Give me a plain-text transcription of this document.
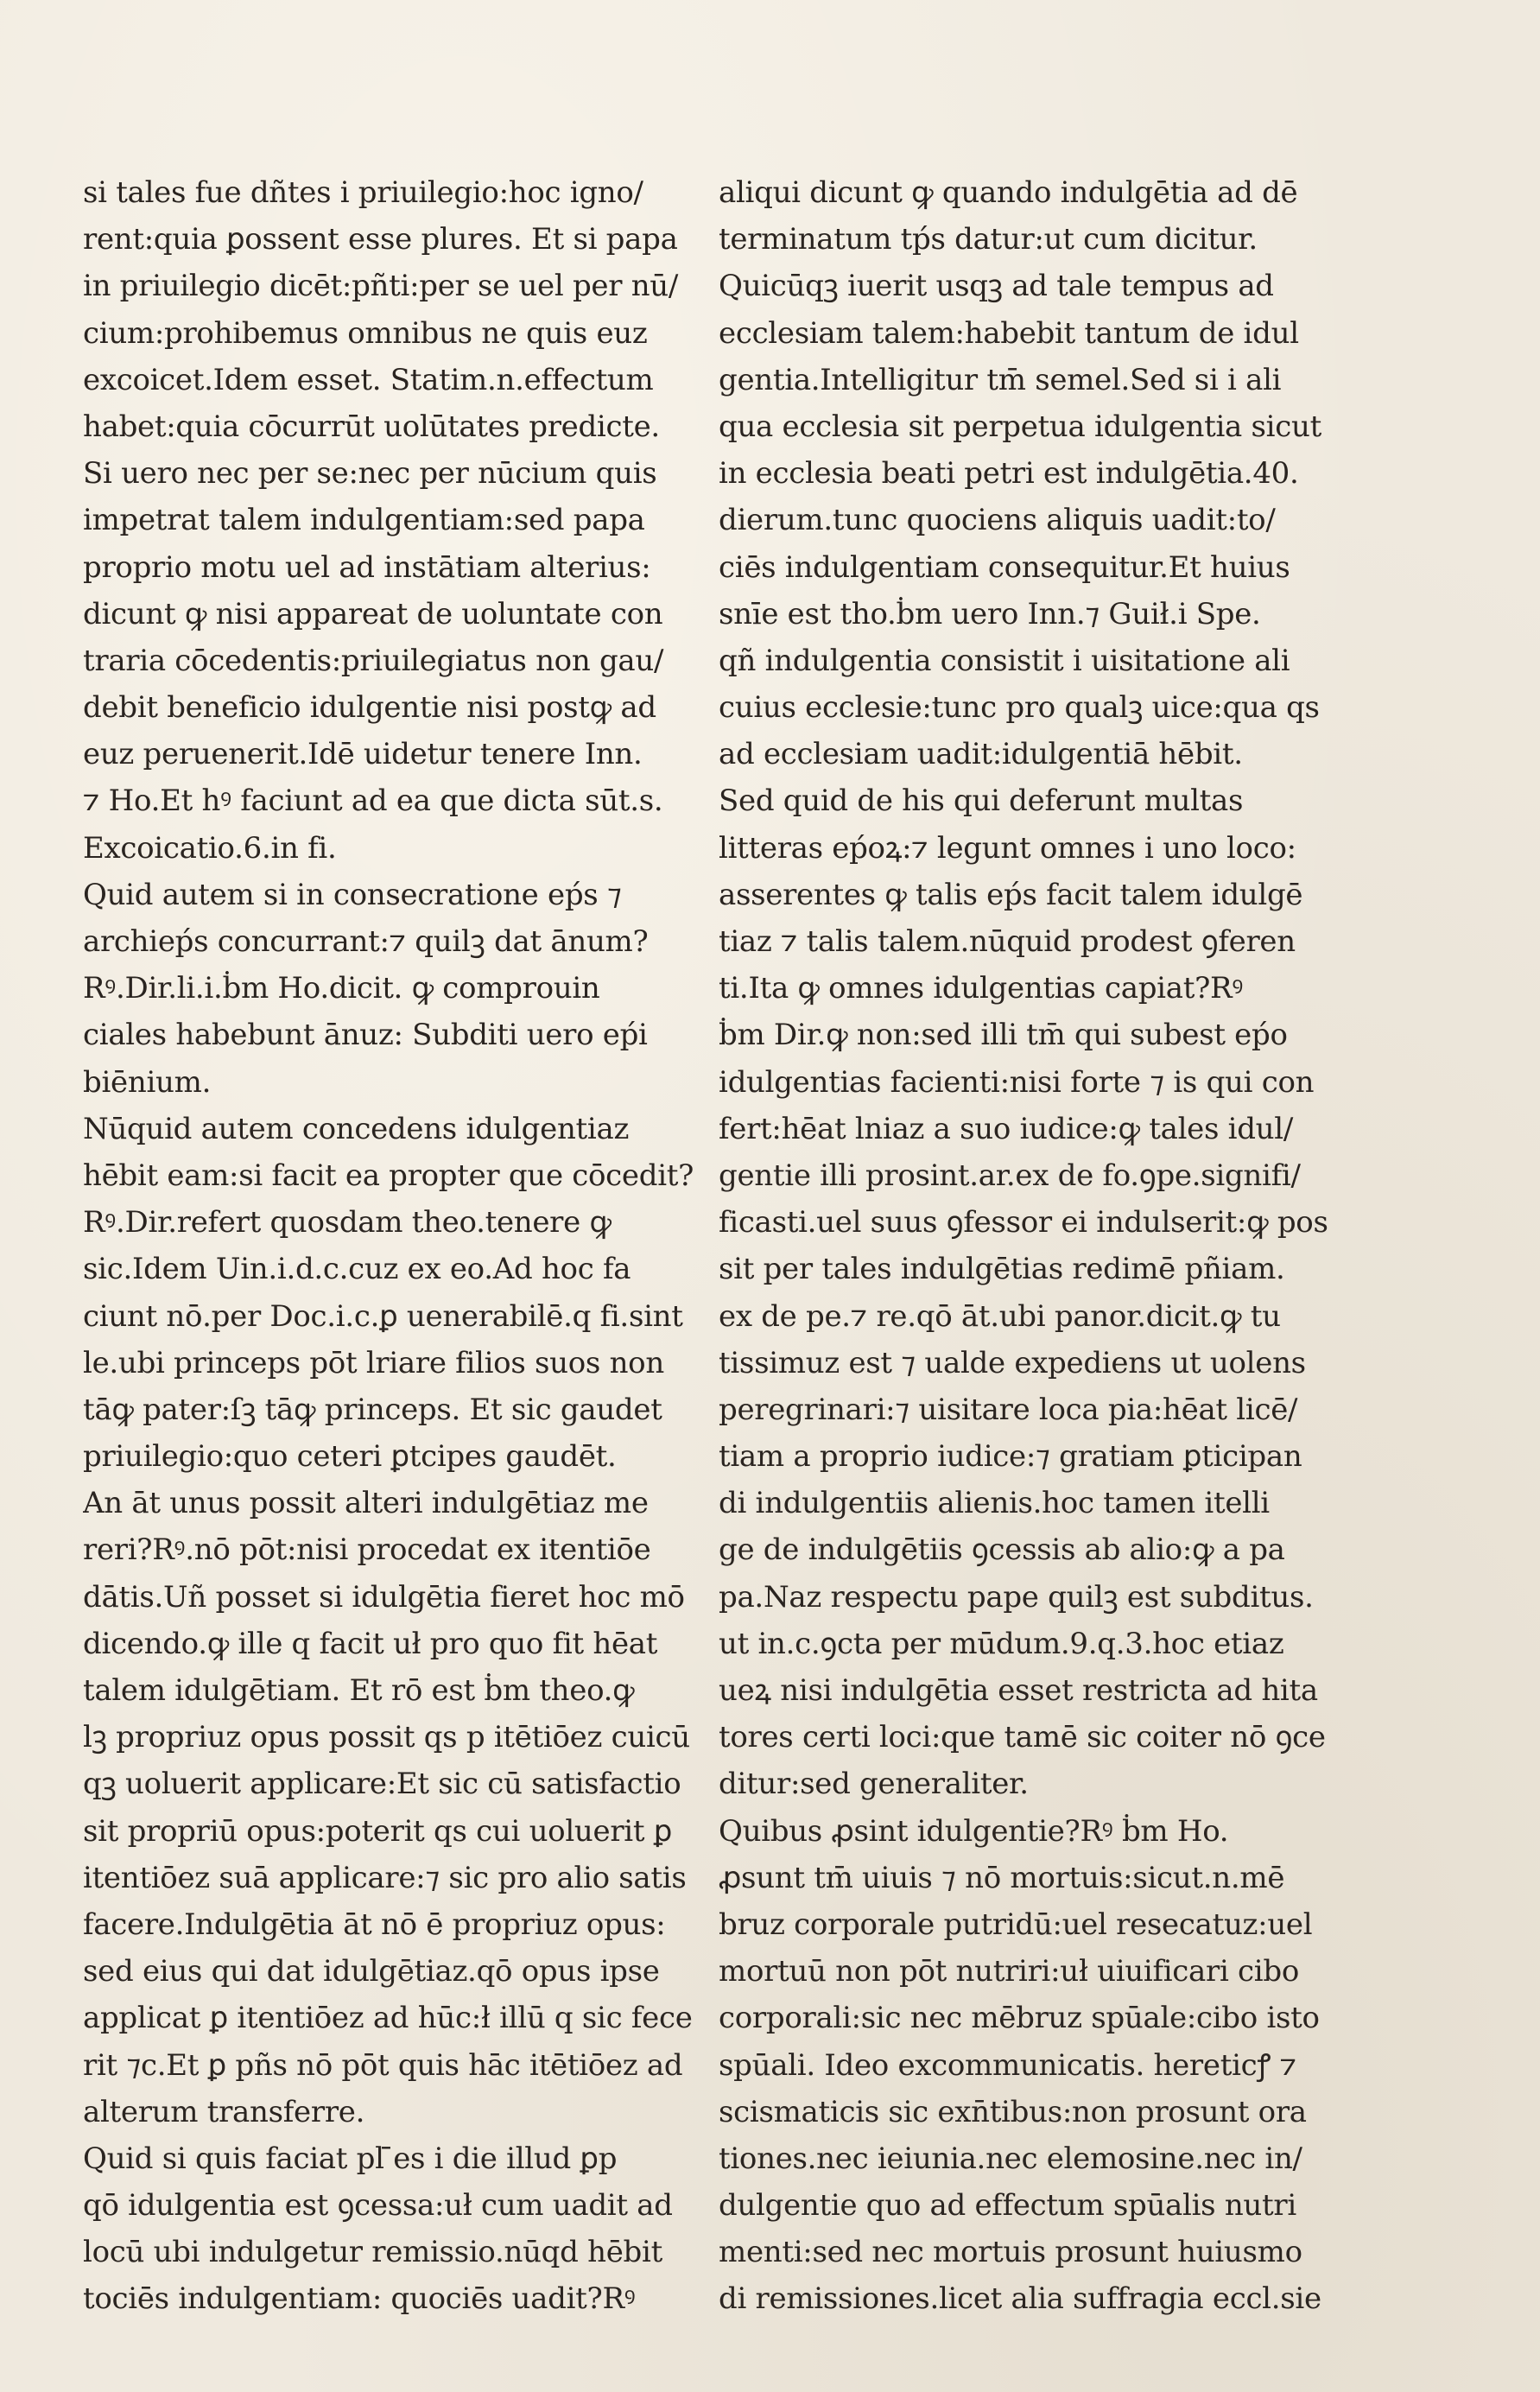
si tales fue dñtes i priuilegio:hoc igno/
rent:quia ꝑossent esse plures. Et si papa
in priuilegio dicēt:pñti:per se uel per nū/
cium:prohibemus omnibus ne quis euz
excoicet.Idem esset. Statim.n.effectum
habet:quia cōcurrūt uolūtates predicte.
Si uero nec per se:nec per nūcium quis
impetrat talem indulgentiam:sed papa
proprio motu uel ad instātiam alterius:
dicunt ꝙ nisi appareat de uoluntate con
traria cōcedentis:priuilegiatus non gau/
debit beneficio idulgentie nisi postꝙ ad
euz peruenerit.Idē uidetur tenere Inn.
⁊ Ho.Et hꝰ faciunt ad ea que dicta sūt.s.
Excoicatio.6.in fi.
Quid autem si in consecratione eṕs ⁊
archieṕs concurrant:⁊ quilꝫ dat ānum?
Rꝰ.Dir.li.i.ḃm Ho.dicit. ꝙ comprouin
ciales habebunt ānuz: Subditi uero eṕi
biēnium.
Nūquid autem concedens idulgentiaz
hēbit eam:si facit ea propter que cōcedit?
Rꝰ.Dir.refert quosdam theo.tenere ꝙ
sic.Idem Uin.i.d.c.cuz ex eo.Ad hoc fa
ciunt nō.per Doc.i.c.ꝑ uenerabilē.q fi.sint
le.ubi princeps pōt lriare filios suos non
tāꝙ pater:ſꝫ tāꝙ princeps. Et sic gaudet
priuilegio:quo ceteri ꝑtcipes gaudēt.
An āt unus possit alteri indulgētiaz me
reri?Rꝰ.nō pōt:nisi procedat ex itentiōe
dātis.Uñ posset si idulgētia fieret hoc mō
dicendo.ꝙ ille q facit uł pro quo fit hēat
talem idulgētiam. Et rō est ḃm theo.ꝙ
lꝫ propriuz opus possit qs p itētiōez cuicū
qꝫ uoluerit applicare:Et sic cū satisfactio
sit propriū opus:poterit qs cui uoluerit ꝑ
itentiōez suā applicare:⁊ sic pro alio satis
facere.Indulgētia āt nō ē propriuz opus:
sed eius qui dat idulgētiaz.qō opus ipse
applicat ꝑ itentiōez ad hūc:ł illū q sic fece
rit ⁊c.Et ꝑ pñs nō pōt quis hāc itētiōez ad
alterum transferre.
Quid si quis faciat pl ̄es i die illud ꝑp
qō idulgentia est ꝯcessa:uł cum uadit ad
locū ubi indulgetur remissio.nūqd hēbit
tociēs indulgentiam: quociēs uadit?Rꝰ
aliqui dicunt ꝙ quando indulgētia ad dē
terminatum tṕs datur:ut cum dicitur.
Quicūqꝫ iuerit usqꝫ ad tale tempus ad
ecclesiam talem:habebit tantum de idul
gentia.Intelligitur tm̄ semel.Sed si i ali
qua ecclesia sit perpetua idulgentia sicut
in ecclesia beati petri est indulgētia.40.
dierum.tunc quociens aliquis uadit:to/
ciēs indulgentiam consequitur.Et huius
snīe est tho.ḃm uero Inn.⁊ Guił.i Spe.
qñ indulgentia consistit i uisitatione ali
cuius ecclesie:tunc pro qualꝫ uice:qua qs
ad ecclesiam uadit:idulgentiā hēbit.
Sed quid de his qui deferunt multas
litteras eṕoꝝ:⁊ legunt omnes i uno loco:
asserentes ꝙ talis eṕs facit talem idulgē
tiaz ⁊ talis talem.nūquid prodest ꝯferen
ti.Ita ꝙ omnes idulgentias capiat?Rꝰ
ḃm Dir.ꝙ non:sed illi tm̄ qui subest eṕo
idulgentias facienti:nisi forte ⁊ is qui con
fert:hēat lniaz a suo iudice:ꝙ tales idul/
gentie illi prosint.ar.ex de fo.ꝯpe.signifi/
ficasti.uel suus ꝯfessor ei indulserit:ꝙ pos
sit per tales indulgētias redimē pñiam.
ex de pe.⁊ re.qō āt.ubi panor.dicit.ꝙ tu
tissimuz est ⁊ ualde expediens ut uolens
peregrinari:⁊ uisitare loca pia:hēat licē/
tiam a proprio iudice:⁊ gratiam ꝑticipan
di indulgentiis alienis.hoc tamen itelli
ge de indulgētiis ꝯcessis ab alio:ꝙ a pa
pa.Naz respectu pape quilꝫ est subditus.
ut in.c.ꝯcta per mūdum.9.q.3.hoc etiaz
ueꝝ nisi indulgētia esset restricta ad hita
tores certi loci:que tamē sic coiter nō ꝯce
ditur:sed generaliter.
Quibus ꝓsint idulgentie?Rꝰ ḃm Ho.
ꝓsunt tm̄ uiuis ⁊ nō mortuis:sicut.n.mē
bruz corporale putridū:uel resecatuz:uel
mortuū non pōt nutriri:uł uiuificari cibo
corporali:sic nec mēbruz spūale:cibo isto
spūali. Ideo excommunicatis. hereticꝭ ⁊
scismaticis sic exn̄tibus:non prosunt ora
tiones.nec ieiunia.nec elemosine.nec in/
dulgentie quo ad effectum spūalis nutri
menti:sed nec mortuis prosunt huiusmo
di remissiones.licet alia suffragia eccl.sie
